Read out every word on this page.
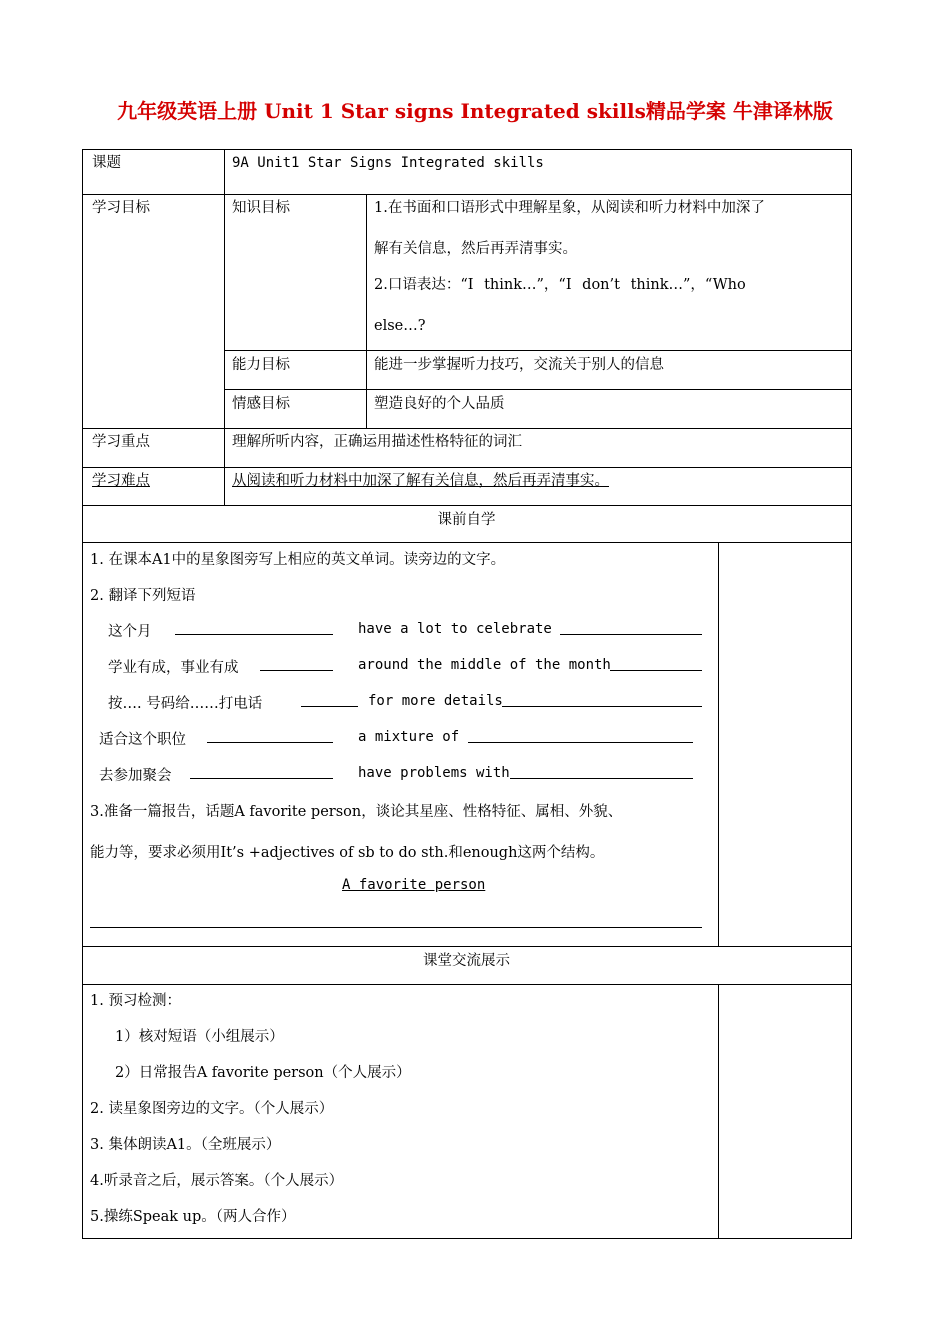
九年级英语上册 Unit 1 Star signs Integrated skills精品学案 牛津译林版
课题	9A Unit1 Star Signs Integrated skills
学习目标	知识目标	1.在书面和口语形式中理解星象，从阅读和听力材料中加深了
解有关信息，然后再弄清事实。
2.口语表达：“I think…”，“I don’t think…”，“Who
else…?
能力目标	能进一步掌握听力技巧，交流关于别人的信息
情感目标	塑造良好的个人品质
学习重点	理解所听内容，正确运用描述性格特征的词汇
学习难点	从阅读和听力材料中加深了解有关信息，然后再弄清事实。
课前自学
1. 在课本A1中的星象图旁写上相应的英文单词。读旁边的文字。
2. 翻译下列短语
这个月	have a lot to celebrate
学业有成，事业有成	around the middle of the month
按…. 号码给……打电话	for more details
适合这个职位	a mixture of
去参加聚会	have problems with
3.准备一篇报告，话题A favorite person，谈论其星座、性格特征、属相、外貌、
能力等，要求必须用It’s +adjectives of sb to do sth.和enough这两个结构。
A favorite person
课堂交流展示
1. 预习检测：
1）核对短语（小组展示）
2）日常报告A favorite person（个人展示）
2. 读星象图旁边的文字。（个人展示）
3. 集体朗读A1。（全班展示）
4.听录音之后，展示答案。（个人展示）
5.操练Speak up。（两人合作）
